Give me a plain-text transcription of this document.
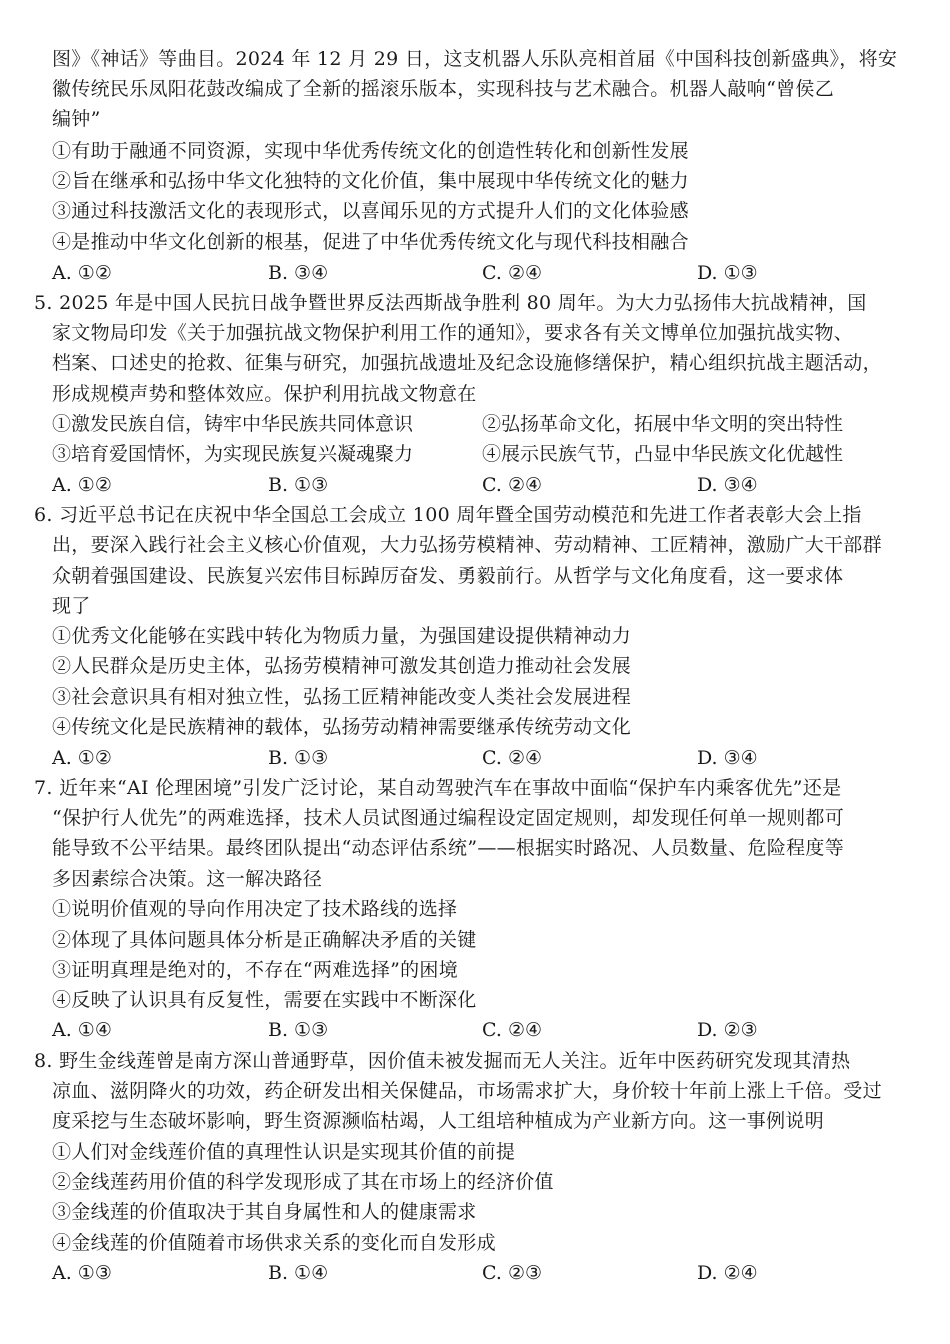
图》《神话》等曲目。2024 年 12 月 29 日，这支机器人乐队亮相首届《中国科技创新盛典》，将安
徽传统民乐凤阳花鼓改编成了全新的摇滚乐版本，实现科技与艺术融合。机器人敲响“曾侯乙
编钟”
①有助于融通不同资源，实现中华优秀传统文化的创造性转化和创新性发展
②旨在继承和弘扬中华文化独特的文化价值，集中展现中华传统文化的魅力
③通过科技激活文化的表现形式，以喜闻乐见的方式提升人们的文化体验感
④是推动中华文化创新的根基，促进了中华优秀传统文化与现代科技相融合
A. ①②	B. ③④	C. ②④	D. ①③
5. 2025 年是中国人民抗日战争暨世界反法西斯战争胜利 80 周年。为大力弘扬伟大抗战精神，国
家文物局印发《关于加强抗战文物保护利用工作的通知》，要求各有关文博单位加强抗战实物、
档案、口述史的抢救、征集与研究，加强抗战遗址及纪念设施修缮保护，精心组织抗战主题活动，
形成规模声势和整体效应。保护利用抗战文物意在
①激发民族自信，铸牢中华民族共同体意识	②弘扬革命文化，拓展中华文明的突出特性
③培育爱国情怀，为实现民族复兴凝魂聚力	④展示民族气节，凸显中华民族文化优越性
A. ①②	B. ①③	C. ②④	D. ③④
6. 习近平总书记在庆祝中华全国总工会成立 100 周年暨全国劳动模范和先进工作者表彰大会上指
出，要深入践行社会主义核心价值观，大力弘扬劳模精神、劳动精神、工匠精神，激励广大干部群
众朝着强国建设、民族复兴宏伟目标踔厉奋发、勇毅前行。从哲学与文化角度看，这一要求体
现了
①优秀文化能够在实践中转化为物质力量，为强国建设提供精神动力
②人民群众是历史主体，弘扬劳模精神可激发其创造力推动社会发展
③社会意识具有相对独立性，弘扬工匠精神能改变人类社会发展进程
④传统文化是民族精神的载体，弘扬劳动精神需要继承传统劳动文化
A. ①②	B. ①③	C. ②④	D. ③④
7. 近年来“AI 伦理困境”引发广泛讨论，某自动驾驶汽车在事故中面临“保护车内乘客优先”还是
“保护行人优先”的两难选择，技术人员试图通过编程设定固定规则，却发现任何单一规则都可
能导致不公平结果。最终团队提出“动态评估系统”——根据实时路况、人员数量、危险程度等
多因素综合决策。这一解决路径
①说明价值观的导向作用决定了技术路线的选择
②体现了具体问题具体分析是正确解决矛盾的关键
③证明真理是绝对的，不存在“两难选择”的困境
④反映了认识具有反复性，需要在实践中不断深化
A. ①④	B. ①③	C. ②④	D. ②③
8. 野生金线莲曾是南方深山普通野草，因价值未被发掘而无人关注。近年中医药研究发现其清热
凉血、滋阴降火的功效，药企研发出相关保健品，市场需求扩大，身价较十年前上涨上千倍。受过
度采挖与生态破坏影响，野生资源濒临枯竭，人工组培种植成为产业新方向。这一事例说明
①人们对金线莲价值的真理性认识是实现其价值的前提
②金线莲药用价值的科学发现形成了其在市场上的经济价值
③金线莲的价值取决于其自身属性和人的健康需求
④金线莲的价值随着市场供求关系的变化而自发形成
A. ①③	B. ①④	C. ②③	D. ②④
